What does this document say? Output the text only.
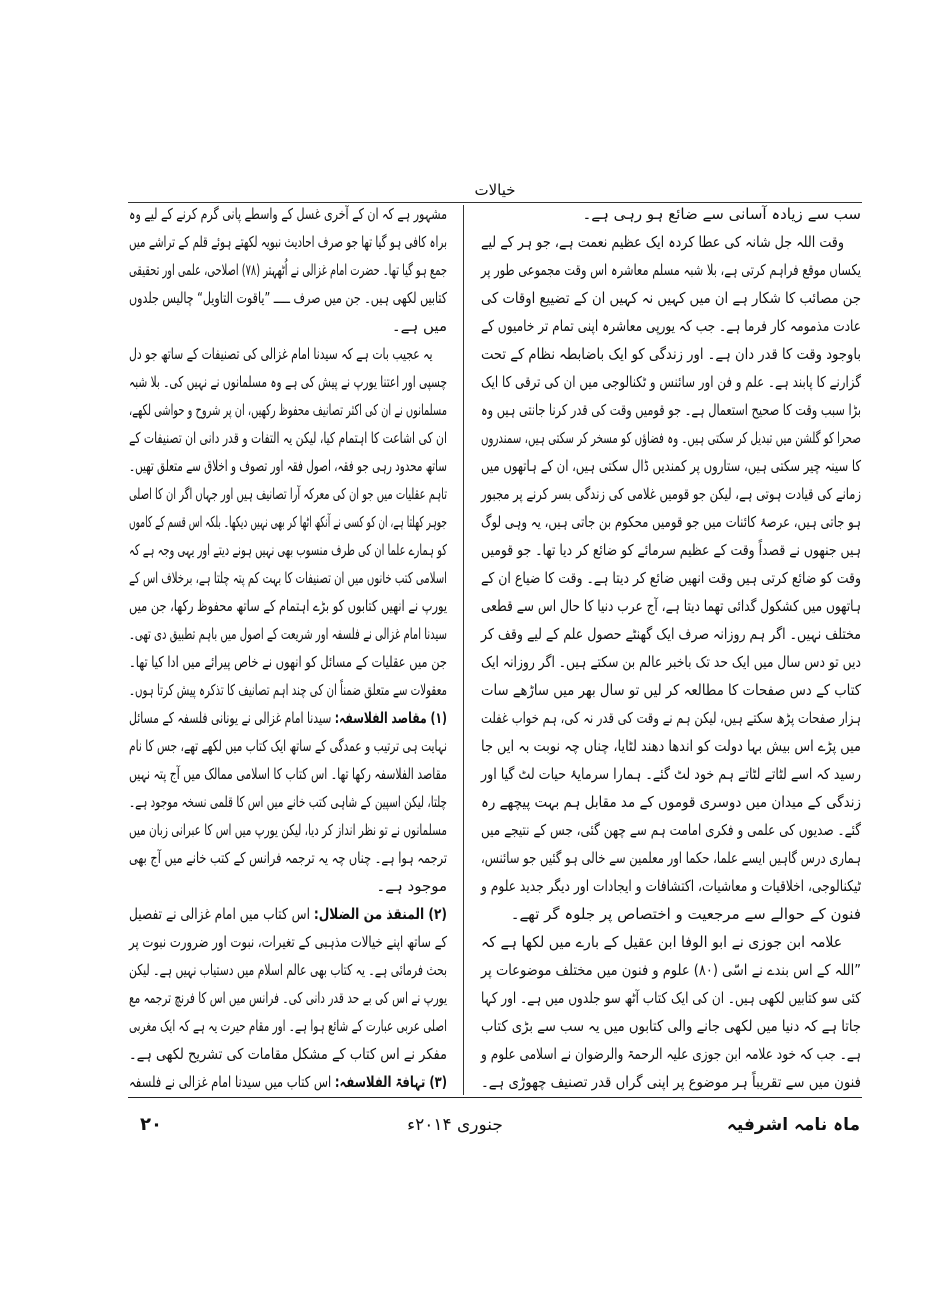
خیالات
سب سے زیادہ آسانی سے ضائع ہو رہی ہے۔
وقت اللہ جل شانہ کی عطا کردہ ایک عظیم نعمت ہے، جو ہر کے لیے
یکساں موقع فراہم کرتی ہے، بلا شبہ مسلم معاشرہ اس وقت مجموعی طور پر
جن مصائب کا شکار ہے ان میں کہیں نہ کہیں ان کے تضییع اوقات کی
عادت مذمومہ کار فرما ہے۔ جب کہ یورپی معاشرہ اپنی تمام تر خامیوں کے
باوجود وقت کا قدر دان ہے۔ اور زندگی کو ایک باضابطہ نظام کے تحت
گزارنے کا پابند ہے۔ علم و فن اور سائنس و ٹکنالوجی میں ان کی ترقی کا ایک
بڑا سبب وقت کا صحیح استعمال ہے۔ جو قومیں وقت کی قدر کرنا جانتی ہیں وہ
صحرا کو گلشن میں تبدیل کر سکتی ہیں۔ وہ فضاؤں کو مسخر کر سکتی ہیں، سمندروں
کا سینہ چیر سکتی ہیں، ستاروں پر کمندیں ڈال سکتی ہیں، ان کے ہاتھوں میں
زمانے کی قیادت ہوتی ہے، لیکن جو قومیں غلامی کی زندگی بسر کرنے پر مجبور
ہو جاتی ہیں، عرصۂ کائنات میں جو قومیں محکوم بن جاتی ہیں، یہ وہی لوگ
ہیں جنھوں نے قصداً وقت کے عظیم سرمائے کو ضائع کر دیا تھا۔ جو قومیں
وقت کو ضائع کرتی ہیں وقت انھیں ضائع کر دیتا ہے۔ وقت کا ضیاع ان کے
ہاتھوں میں کشکول گدائی تھما دیتا ہے، آج عرب دنیا کا حال اس سے قطعی
مختلف نہیں۔ اگر ہم روزانہ صرف ایک گھنٹے حصول علم کے لیے وقف کر
دیں تو دس سال میں ایک حد تک باخبر عالم بن سکتے ہیں۔ اگر روزانہ ایک
کتاب کے دس صفحات کا مطالعہ کر لیں تو سال بھر میں ساڑھے سات
ہزار صفحات پڑھ سکتے ہیں، لیکن ہم نے وقت کی قدر نہ کی، ہم خواب غفلت
میں پڑے اس بیش بہا دولت کو اندھا دھند لٹایا، چناں چہ نوبت بہ ایں جا
رسید کہ اسے لٹاتے لٹاتے ہم خود لٹ گئے۔ ہمارا سرمایۂ حیات لٹ گیا اور
زندگی کے میدان میں دوسری قوموں کے مد مقابل ہم بہت پیچھے رہ
گئے۔ صدیوں کی علمی و فکری امامت ہم سے چھن گئی، جس کے نتیجے میں
ہماری درس گاہیں ایسے علما، حکما اور معلمین سے خالی ہو گئیں جو سائنس،
ٹیکنالوجی، اخلاقیات و معاشیات، اکتشافات و ایجادات اور دیگر جدید علوم و
فنون کے حوالے سے مرجعیت و اختصاص پر جلوہ گر تھے۔
علامہ ابن جوزی نے ابو الوفا ابن عقیل کے بارے میں لکھا ہے کہ
”اللہ کے اس بندے نے اسّی (۸۰) علوم و فنون میں مختلف موضوعات پر
کئی سو کتابیں لکھی ہیں۔ ان کی ایک کتاب آٹھ سو جلدوں میں ہے۔ اور کہا
جاتا ہے کہ دنیا میں لکھی جانے والی کتابوں میں یہ سب سے بڑی کتاب
ہے۔ جب کہ خود علامہ ابن جوزی علیہ الرحمۃ والرضوان نے اسلامی علوم و
فنون میں سے تقریباً ہر موضوع پر اپنی گراں قدر تصنیف چھوڑی ہے۔
مشہور ہے کہ ان کے آخری غسل کے واسطے پانی گرم کرنے کے لیے وہ
براہ کافی ہو گیا تھا جو صرف احادیث نبویہ لکھتے ہوئے قلم کے تراشے میں
جمع ہو گیا تھا۔ حضرت امام غزالی نے اُٹھہتر (۷۸) اصلاحی، علمی اور تحقیقی
کتابیں لکھی ہیں۔ جن میں صرف ـــــ ”یاقوت التاویل“ چالیس جلدوں
میں ہے۔
یہ عجیب بات ہے کہ سیدنا امام غزالی کی تصنیفات کے ساتھ جو دل
چسپی اور اعتنا یورپ نے پیش کی ہے وہ مسلمانوں نے نہیں کی۔ بلا شبہ
مسلمانوں نے ان کی اکثر تصانیف محفوظ رکھیں، ان پر شروح و حواشی لکھے،
ان کی اشاعت کا اہتمام کیا، لیکن یہ التفات و قدر دانی ان تصنیفات کے
ساتھ محدود رہی جو فقہ، اصول فقہ اور تصوف و اخلاق سے متعلق تھیں۔
تاہم عقلیات میں جو ان کی معرکہ آرا تصانیف ہیں اور جہاں اگر ان کا اصلی
جوہر کھلتا ہے، ان کو کسی نے آنکھ اٹھا کر بھی نہیں دیکھا۔ بلکہ اس قسم کے کاموں
کو ہمارے علما ان کی طرف منسوب بھی نہیں ہونے دیتے اور یہی وجہ ہے کہ
اسلامی کتب خانوں میں ان تصنیفات کا بہت کم پتہ چلتا ہے، برخلاف اس کے
یورپ نے انھیں کتابوں کو بڑے اہتمام کے ساتھ محفوظ رکھا، جن میں
سیدنا امام غزالی نے فلسفہ اور شریعت کے اصول میں باہم تطبیق دی تھی۔
جن میں عقلیات کے مسائل کو انھوں نے خاص پیرائے میں ادا کیا تھا۔
معقولات سے متعلق ضمناً ان کی چند اہم تصانیف کا تذکرہ پیش کرتا ہوں۔
(۱) مقاصد الفلاسفہ: سیدنا امام غزالی نے یونانی فلسفہ کے مسائل
نہایت ہی ترتیب و عمدگی کے ساتھ ایک کتاب میں لکھے تھے، جس کا نام
مقاصد الفلاسفہ رکھا تھا۔ اس کتاب کا اسلامی ممالک میں آج پتہ نہیں
چلتا، لیکن اسپین کے شاہی کتب خانے میں اس کا قلمی نسخہ موجود ہے۔
مسلمانوں نے تو نظر انداز کر دیا، لیکن یورپ میں اس کا عبرانی زبان میں
ترجمہ ہوا ہے۔ چناں چہ یہ ترجمہ فرانس کے کتب خانے میں آج بھی
موجود ہے۔
(۲) المنقذ من الضلال: اس کتاب میں امام غزالی نے تفصیل
کے ساتھ اپنے خیالات مذہبی کے تغیرات، نبوت اور ضرورت نبوت پر
بحث فرمائی ہے۔ یہ کتاب بھی عالم اسلام میں دستیاب نہیں ہے۔ لیکن
یورپ نے اس کی بے حد قدر دانی کی۔ فرانس میں اس کا فرنچ ترجمہ مع
اصلی عربی عبارت کے شائع ہوا ہے۔ اور مقام حیرت یہ ہے کہ ایک مغربی
مفکر نے اس کتاب کے مشکل مقامات کی تشریح لکھی ہے۔
(۳) تہافۃ الفلاسفہ: اس کتاب میں سیدنا امام غزالی نے فلسفہ
ماہ نامہ اشرفیہ
جنوری ۲۰۱۴ء
۲۰
